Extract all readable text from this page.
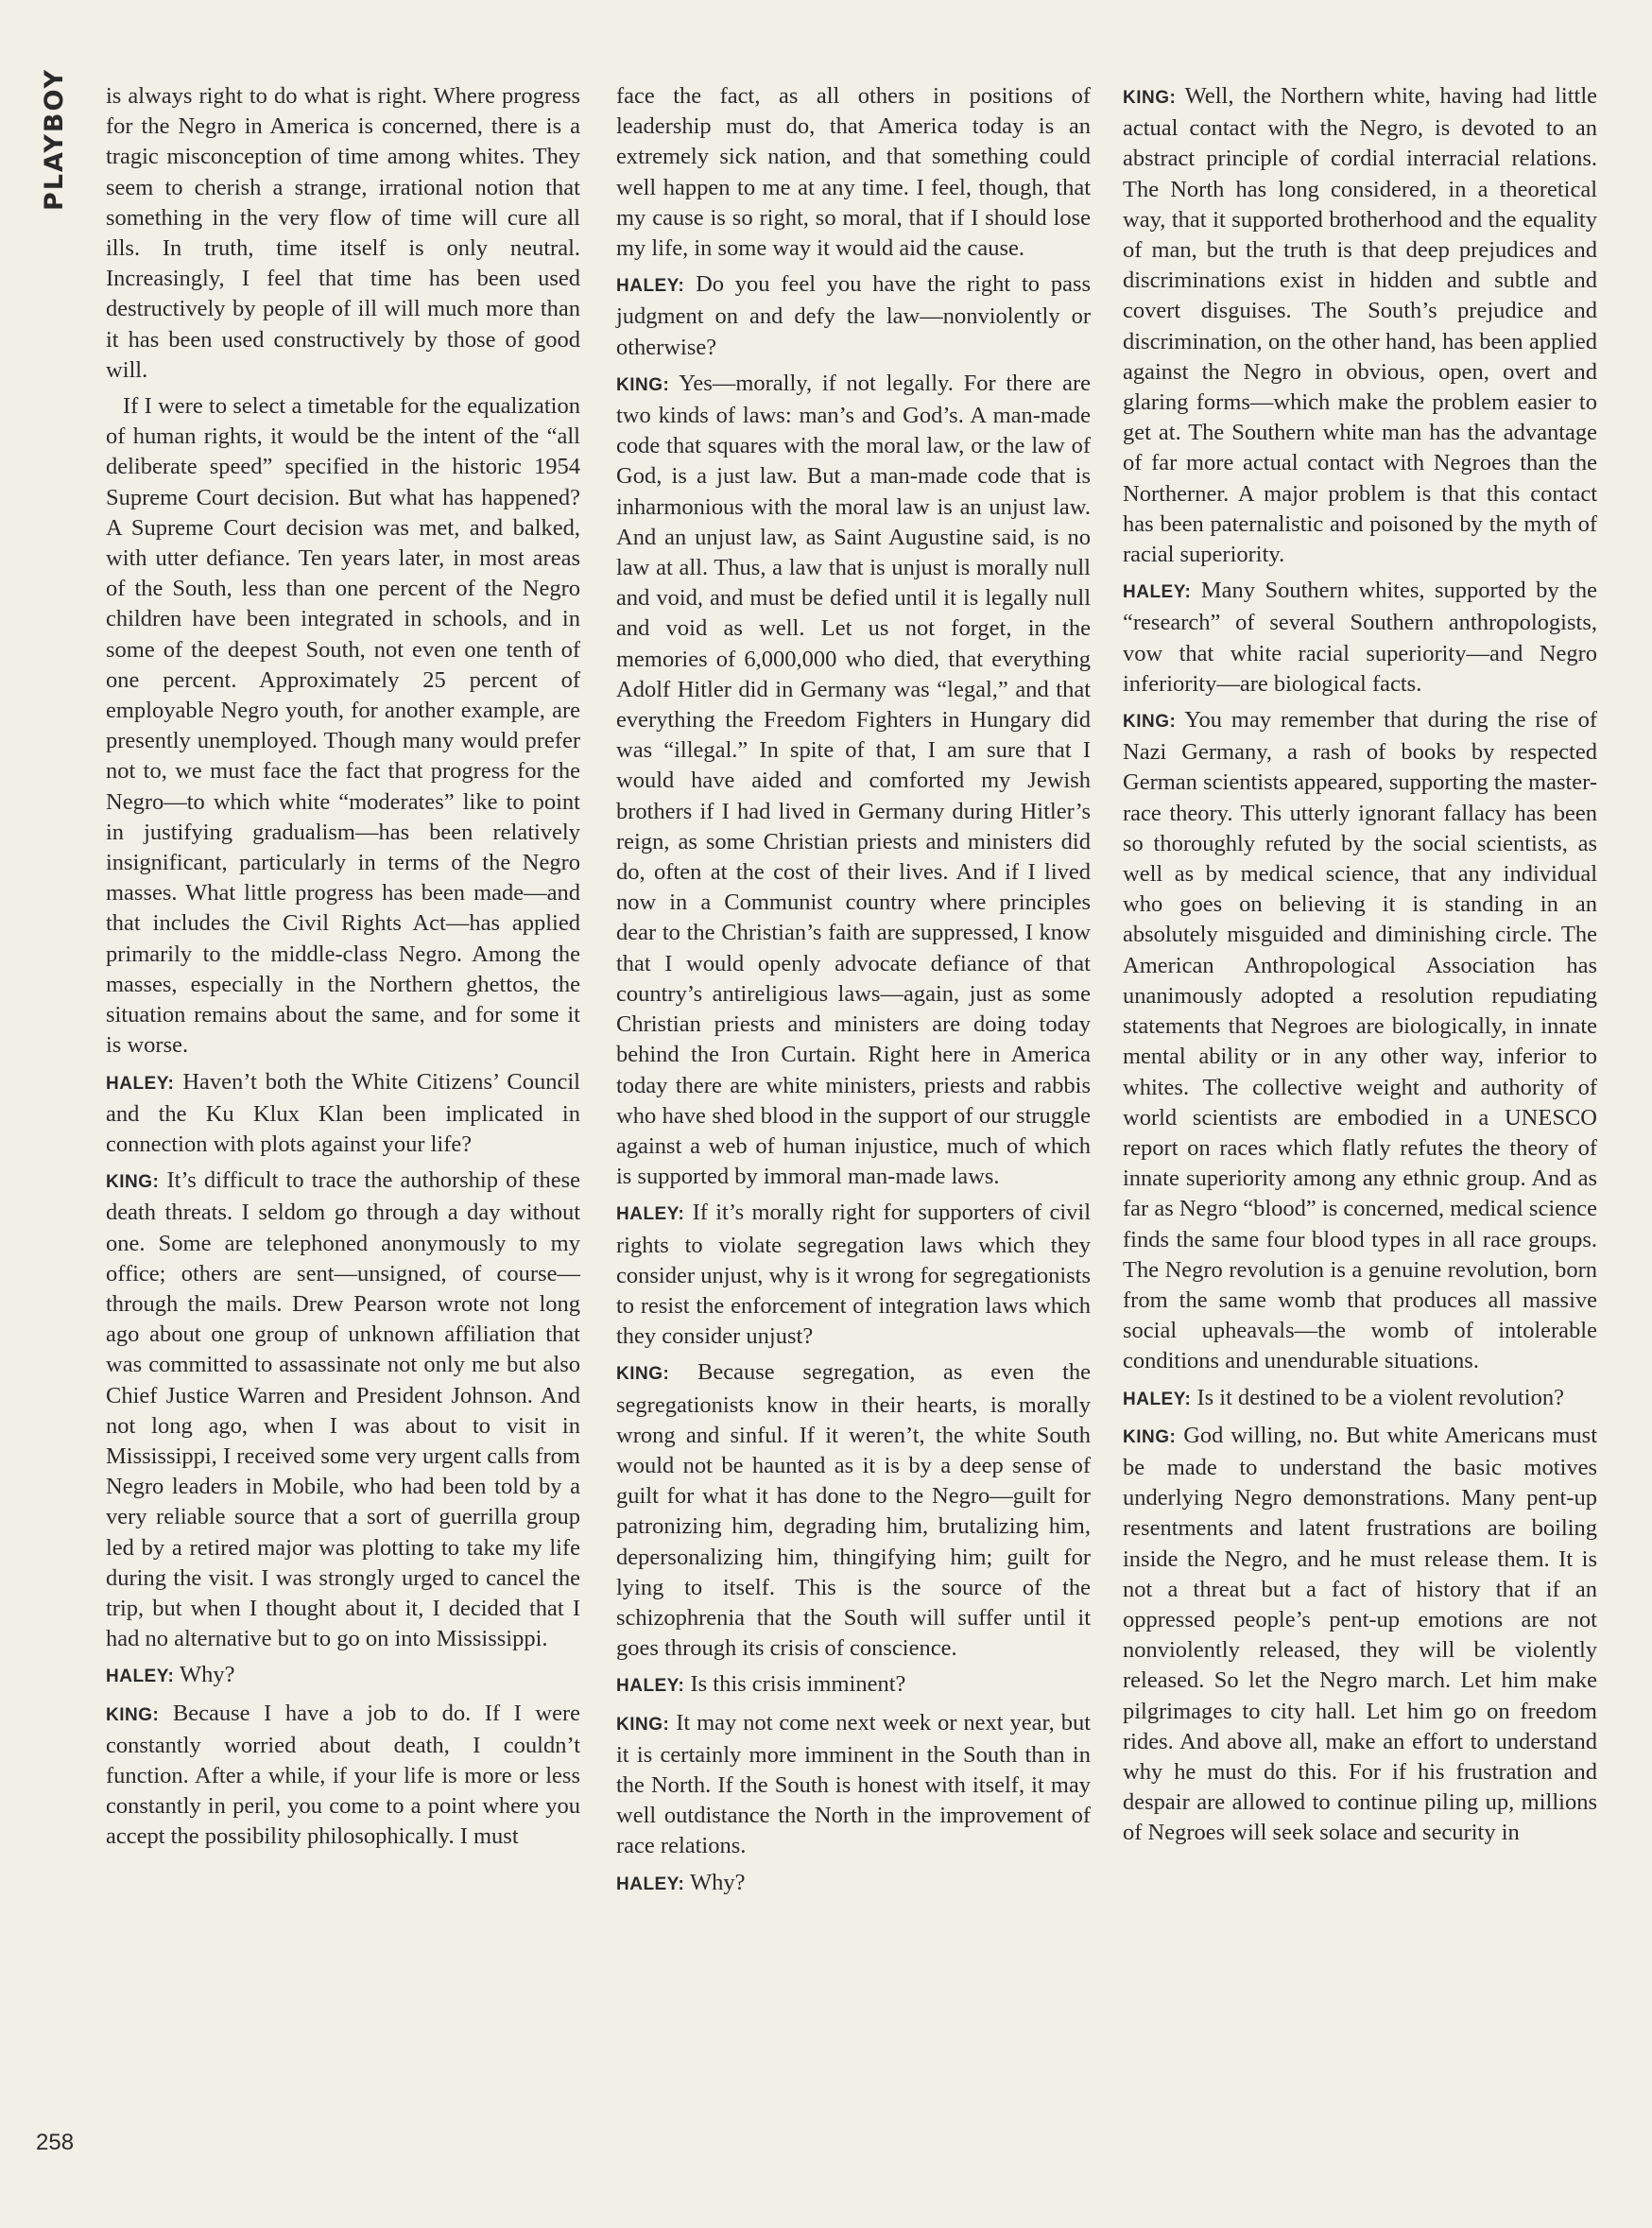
PLAYBOY is always right to do what is right. Where progress for the Negro in America is concerned, there is a tragic misconception of time among whites. They seem to cherish a strange, irrational notion that something in the very flow of time will cure all ills. In truth, time itself is only neutral. Increasingly, I feel that time has been used destructively by people of ill will much more than it has been used constructively by those of good will.

If I were to select a timetable for the equalization of human rights, it would be the intent of the “all deliberate speed” specified in the historic 1954 Supreme Court decision. But what has happened? A Supreme Court decision was met, and balked, with utter defiance. Ten years later, in most areas of the South, less than one percent of the Negro children have been integrated in schools, and in some of the deepest South, not even one tenth of one percent. Approximately 25 percent of employable Negro youth, for another example, are presently unemployed. Though many would prefer not to, we must face the fact that progress for the Negro—to which white “moderates” like to point in justifying gradualism—has been relatively insignificant, particularly in terms of the Negro masses. What little progress has been made—and that includes the Civil Rights Act—has applied primarily to the middle-class Negro. Among the masses, especially in the Northern ghettos, the situation remains about the same, and for some it is worse.

HALEY: Haven’t both the White Citizens’ Council and the Ku Klux Klan been implicated in connection with plots against your life?

KING: It’s difficult to trace the authorship of these death threats. I seldom go through a day without one. Some are telephoned anonymously to my office; others are sent—unsigned, of course—through the mails. Drew Pearson wrote not long ago about one group of unknown affiliation that was committed to assassinate not only me but also Chief Justice Warren and President Johnson. And not long ago, when I was about to visit in Mississippi, I received some very urgent calls from Negro leaders in Mobile, who had been told by a very reliable source that a sort of guerrilla group led by a retired major was plotting to take my life during the visit. I was strongly urged to cancel the trip, but when I thought about it, I decided that I had no alternative but to go on into Mississippi.

HALEY: Why?

KING: Because I have a job to do. If I were constantly worried about death, I couldn’t function. After a while, if your life is more or less constantly in peril, you come to a point where you accept the possibility philosophically. I must

face the fact, as all others in positions of leadership must do, that America today is an extremely sick nation, and that something could well happen to me at any time. I feel, though, that my cause is so right, so moral, that if I should lose my life, in some way it would aid the cause.

HALEY: Do you feel you have the right to pass judgment on and defy the law—nonviolently or otherwise?

KING: Yes—morally, if not legally. For there are two kinds of laws: man’s and God’s. A man-made code that squares with the moral law, or the law of God, is a just law. But a man-made code that is inharmonious with the moral law is an unjust law. And an unjust law, as Saint Augustine said, is no law at all. Thus, a law that is unjust is morally null and void, and must be defied until it is legally null and void as well. Let us not forget, in the memories of 6,000,000 who died, that everything Adolf Hitler did in Germany was “legal,” and that everything the Freedom Fighters in Hungary did was “illegal.” In spite of that, I am sure that I would have aided and comforted my Jewish brothers if I had lived in Germany during Hitler’s reign, as some Christian priests and ministers did do, often at the cost of their lives. And if I lived now in a Communist country where principles dear to the Christian’s faith are suppressed, I know that I would openly advocate defiance of that country’s antireligious laws—again, just as some Christian priests and ministers are doing today behind the Iron Curtain. Right here in America today there are white ministers, priests and rabbis who have shed blood in the support of our struggle against a web of human injustice, much of which is supported by immoral man-made laws.

HALEY: If it’s morally right for supporters of civil rights to violate segregation laws which they consider unjust, why is it wrong for segregationists to resist the enforcement of integration laws which they consider unjust?

KING: Because segregation, as even the segregationists know in their hearts, is morally wrong and sinful. If it weren’t, the white South would not be haunted as it is by a deep sense of guilt for what it has done to the Negro—guilt for patronizing him, degrading him, brutalizing him, depersonalizing him, thingifying him; guilt for lying to itself. This is the source of the schizophrenia that the South will suffer until it goes through its crisis of conscience.

HALEY: Is this crisis imminent?

KING: It may not come next week or next year, but it is certainly more imminent in the South than in the North. If the South is honest with itself, it may well outdistance the North in the improvement of race relations.

HALEY: Why?

KING: Well, the Northern white, having had little actual contact with the Negro, is devoted to an abstract principle of cordial interracial relations. The North has long considered, in a theoretical way, that it supported brotherhood and the equality of man, but the truth is that deep prejudices and discriminations exist in hidden and subtle and covert disguises. The South’s prejudice and discrimination, on the other hand, has been applied against the Negro in obvious, open, overt and glaring forms—which make the problem easier to get at. The Southern white man has the advantage of far more actual contact with Negroes than the Northerner. A major problem is that this contact has been paternalistic and poisoned by the myth of racial superiority.

HALEY: Many Southern whites, supported by the “research” of several Southern anthropologists, vow that white racial superiority—and Negro inferiority—are biological facts.

KING: You may remember that during the rise of Nazi Germany, a rash of books by respected German scientists appeared, supporting the master-race theory. This utterly ignorant fallacy has been so thoroughly refuted by the social scientists, as well as by medical science, that any individual who goes on believing it is standing in an absolutely misguided and diminishing circle. The American Anthropological Association has unanimously adopted a resolution repudiating statements that Negroes are biologically, in innate mental ability or in any other way, inferior to whites. The collective weight and authority of world scientists are embodied in a UNESCO report on races which flatly refutes the theory of innate superiority among any ethnic group. And as far as Negro “blood” is concerned, medical science finds the same four blood types in all race groups. The Negro revolution is a genuine revolution, born from the same womb that produces all massive social upheavals—the womb of intolerable conditions and unendurable situations.

HALEY: Is it destined to be a violent revolution?

KING: God willing, no. But white Americans must be made to understand the basic motives underlying Negro demonstrations. Many pent-up resentments and latent frustrations are boiling inside the Negro, and he must release them. It is not a threat but a fact of history that if an oppressed people’s pent-up emotions are not nonviolently released, they will be violently released. So let the Negro march. Let him make pilgrimages to city hall. Let him go on freedom rides. And above all, make an effort to understand why he must do this. For if his frustration and despair are allowed to continue piling up, millions of Negroes will seek solace and security in

258
